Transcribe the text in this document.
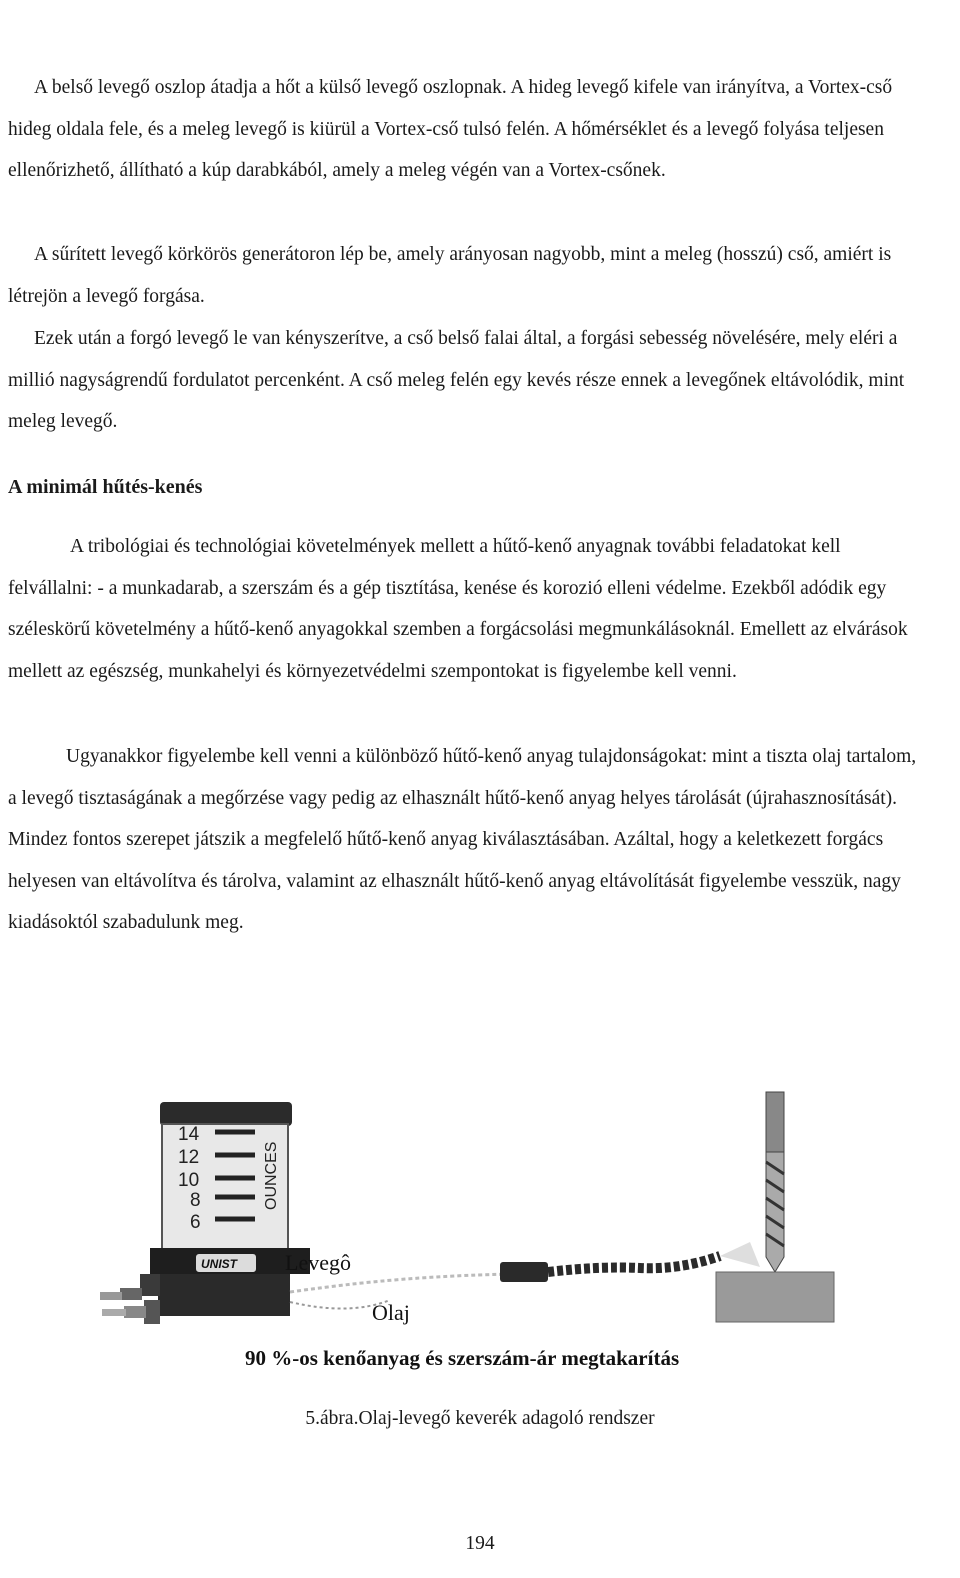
A belső levegő oszlop átadja a hőt a külső levegő oszlopnak. A hideg levegő kifele van irányítva, a Vortex-cső hideg oldala fele, és a meleg levegő is kiürül a Vortex-cső tulsó felén. A hőmérséklet és a levegő folyása teljesen ellenőrizhető, állítható a kúp darabkából, amely a meleg végén van a Vortex-csőnek.

A sűrített levegő körkörös generátoron lép be, amely arányosan nagyobb, mint a meleg (hosszú) cső, amiért is létrejön a levegő forgása.

Ezek után a forgó levegő le van kényszerítve, a cső belső falai által, a forgási sebesség növelésére, mely eléri a millió nagyságrendű fordulatot percenként. A cső meleg felén egy kevés része ennek a levegőnek eltávolódik, mint meleg levegő.

A minimál hűtés-kenés

A tribológiai és technológiai követelmények mellett a hűtő-kenő anyagnak további feladatokat kell felvállalni: - a munkadarab, a szerszám és a gép tisztítása, kenése és korozió elleni védelme. Ezekből adódik egy széleskörű követelmény a hűtő-kenő anyagokkal szemben a forgácsolási megmunkálásoknál. Emellett az elvárások mellett az egészség, munkahelyi és környezetvédelmi szempontokat is figyelembe kell venni.

Ugyanakkor figyelembe kell venni a különböző hűtő-kenő anyag tulajdonságokat: mint a tiszta olaj tartalom, a levegő tisztaságának a megőrzése vagy pedig az elhasznált hűtő-kenő anyag helyes tárolását (újrahasznosítását). Mindez fontos szerepet játszik a megfelelő hűtő-kenő anyag kiválasztásában. Azáltal, hogy a keletkezett forgács helyesen van eltávolítva és tárolva, valamint az elhasznált hűtő-kenő anyag eltávolítását figyelembe vesszük, nagy kiadásoktól szabadulunk meg.

14
12
10
8
6
OUNCES
UNIST Levegô
Olaj
90 %-os kenőanyag és szerszám-ár megtakarítás
5.ábra.Olaj-levegő keverék adagoló rendszer
194
